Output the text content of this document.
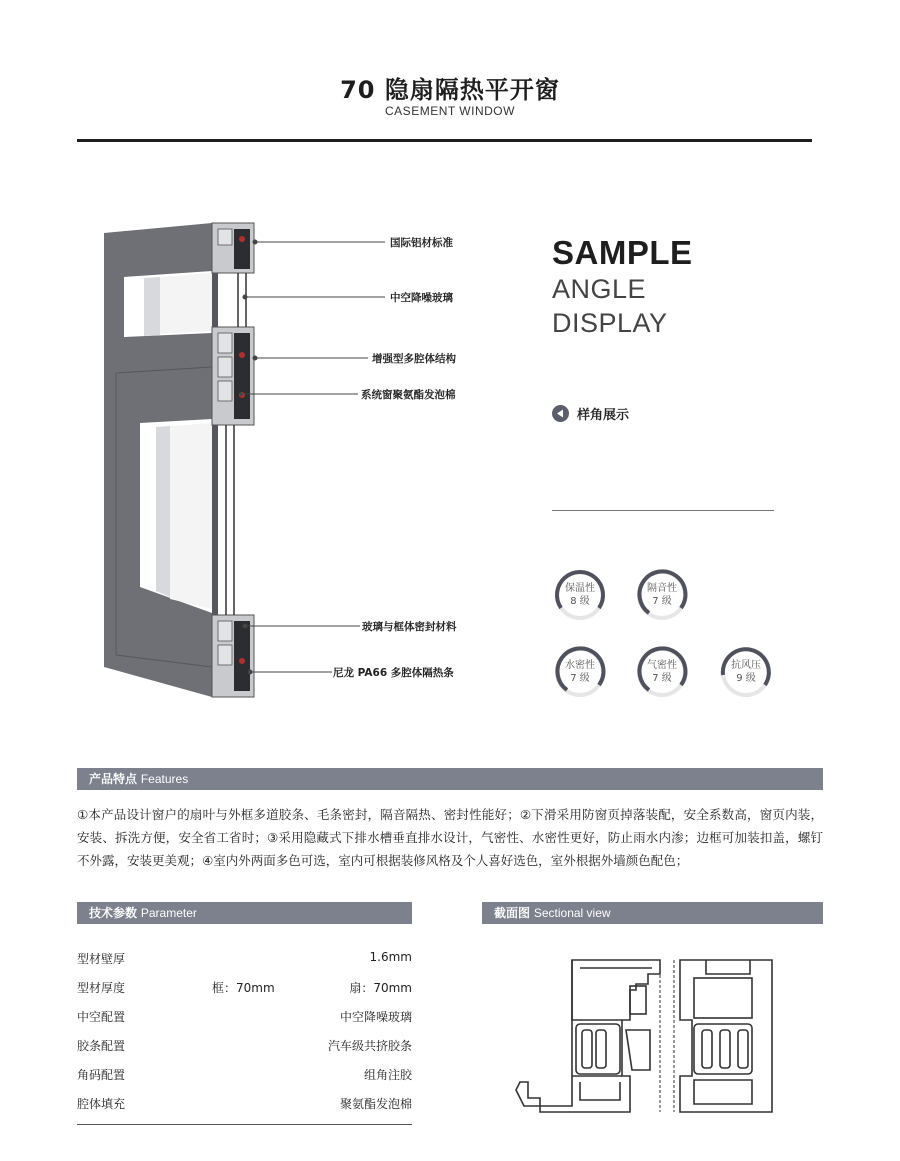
70 隐扇隔热平开窗
CASEMENT WINDOW
国际铝材标准
中空降噪玻璃
增强型多腔体结构
系统窗聚氨酯发泡棉
玻璃与框体密封材料
尼龙 PA66 多腔体隔热条
SAMPLE
ANGLE
DISPLAY
样角展示
保温性
8 级
隔音性
7 级
水密性
7 级
气密性
7 级
抗风压
9 级
产品特点 Features
①本产品设计窗户的扇叶与外框多道胶条、毛条密封，隔音隔热、密封性能好；②下滑采用防窗页掉落装配，安全系数高，窗页内装，安装、拆洗方便，安全省工省时；③采用隐藏式下排水槽垂直排水设计，气密性、水密性更好，防止雨水内渗；边框可加装扣盖，螺钉不外露，安装更美观；④室内外两面多色可选，室内可根据装修风格及个人喜好选色，室外根据外墙颜色配色；
技术参数 Parameter
型材壁厚	1.6mm
型材厚度	框：70mm	扇：70mm
中空配置	中空降噪玻璃
胶条配置	汽车级共挤胶条
角码配置	组角注胶
腔体填充	聚氨酯发泡棉
截面图 Sectional view
